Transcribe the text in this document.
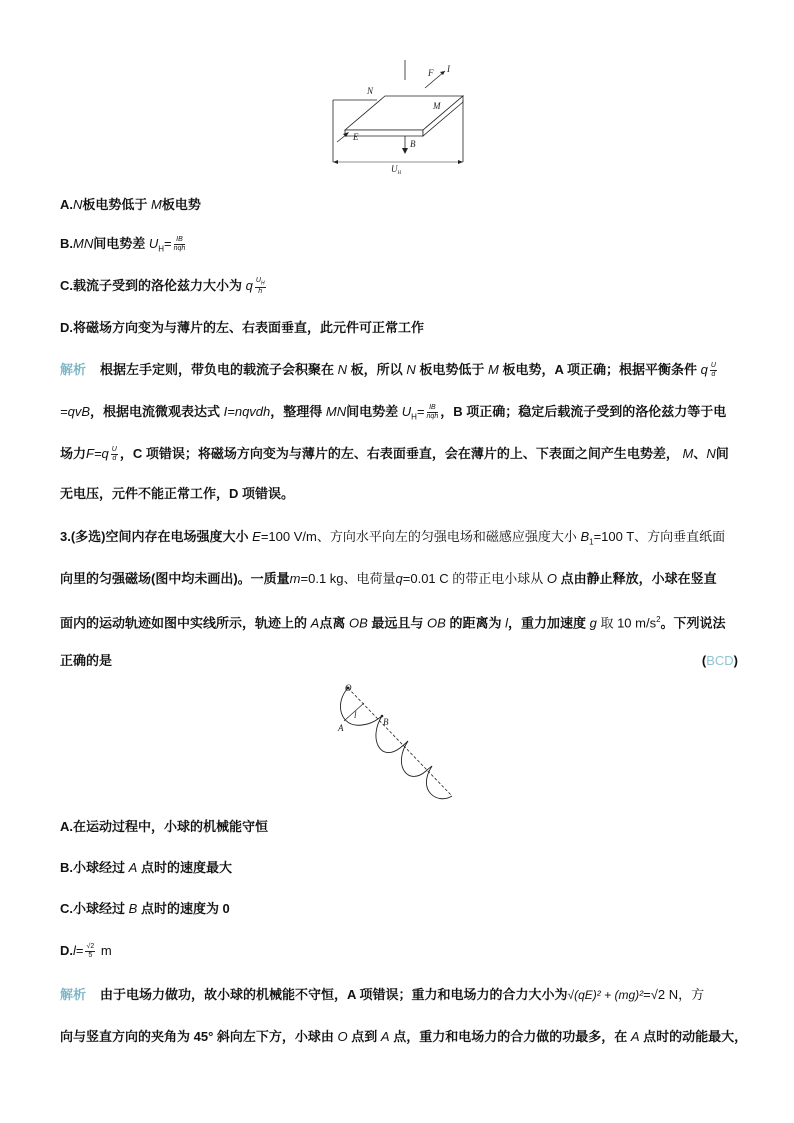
N
M
F I
E
B
$U_H$
A.N板电势低于 M板电势
B.MN间电势差 $U_H= \frac{IB}{\text{nqh}}$
C.载流子受到的洛伦兹力大小为 q $\frac{U_H}{h}$
D.将磁场方向变为与薄片的左、右表面垂直，此元件可正常工作
解析 根据左手定则，带负电的载流子会积聚在 N 板，所以 N 板电势低于 M 板电势，A 项正确；根据平衡条件 q $\frac{U}{d}$
=qvB，根据电流微观表达式 I=nqvdh，整理得 MN间电势差 $U_H= \frac{IB}{\text{nqh}}$ ，B 项正确；稳定后载流子受到的洛伦兹力等于电
场力$F=q \frac{U}{d}$ ，C 项错误；将磁场方向变为与薄片的左、右表面垂直，会在薄片的上、下表面之间产生电势差， M、N间
无电压，元件不能正常工作，D 项错误。
3.(多选)空间内存在电场强度大小 E=100 V/m、方向水平向左的匀强电场和磁感应强度大小 $B_1=100$ T、方向垂直纸面
向里的匀强磁场(图中均未画出)。一质量m=0.1 kg、电荷量q=0.01 C 的带正电小球从 O 点由静止释放，小球在竖直
面内的运动轨迹如图中实线所示，轨迹上的 A点离 OB 最远且与 OB 的距离为 l，重力加速度 g 取 10 $m/s^2$。下列说法
正确的是	(BCD)
O
A
B
l
A.在运动过程中，小球的机械能守恒
B.小球经过 A 点时的速度最大
C.小球经过 B 点时的速度为 0
$D.l= \frac{√2}{5}$ m
解析 由于电场力做功，故小球的机械能不守恒，A 项错误；重力和电场力的合力大小为√(qE)² + (mg)²=√2 N，方
向与竖直方向的夹角为 45° 斜向左下方，小球由 O 点到 A 点，重力和电场力的合力做的功最多，在 A 点时的动能最大，
